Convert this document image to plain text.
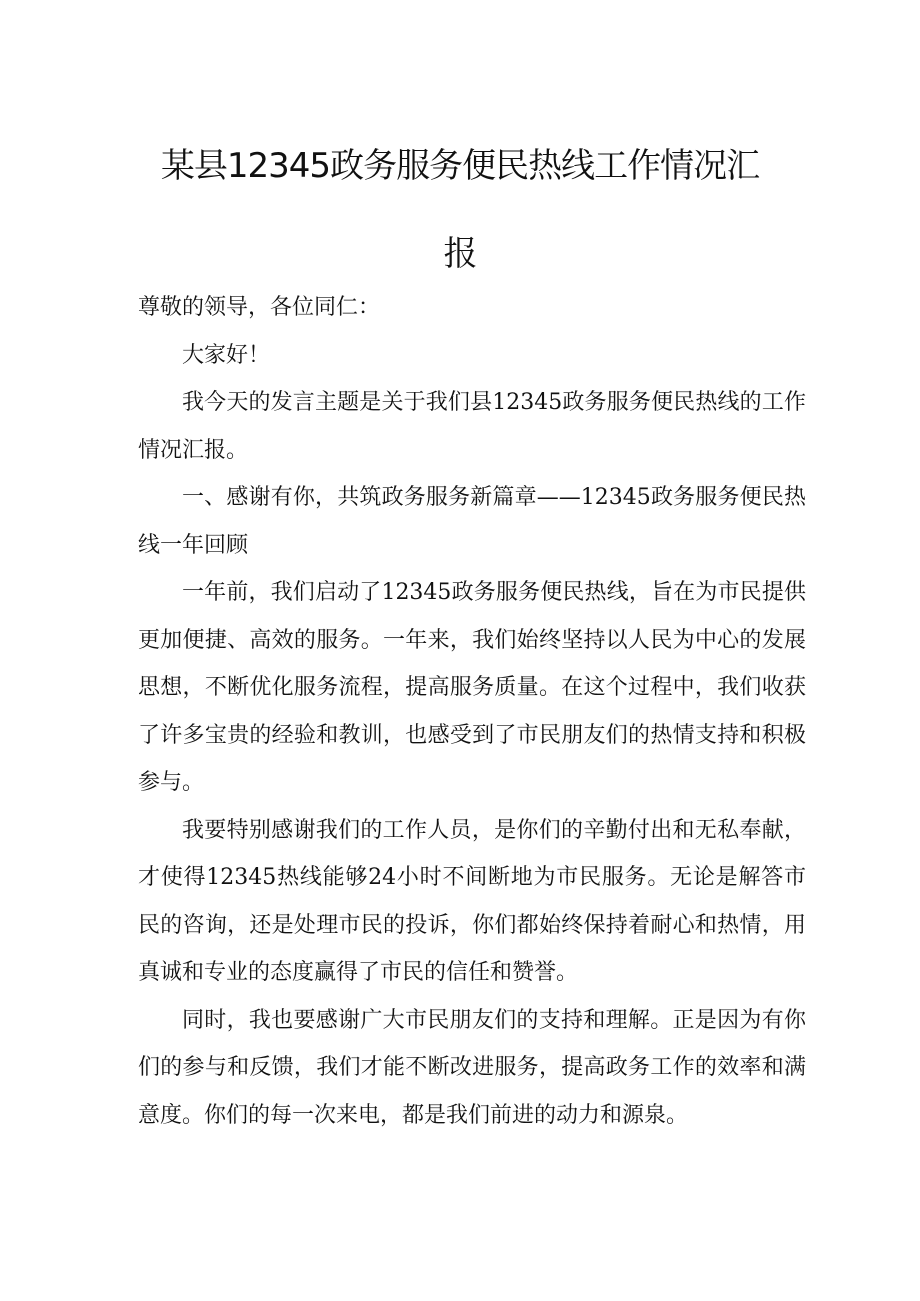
某县12345政务服务便民热线工作情况汇
报

尊敬的领导，各位同仁：

大家好！

我今天的发言主题是关于我们县12345政务服务便民热线的工作情况汇报。

一、感谢有你，共筑政务服务新篇章——12345政务服务便民热线一年回顾

一年前，我们启动了12345政务服务便民热线，旨在为市民提供更加便捷、高效的服务。一年来，我们始终坚持以人民为中心的发展思想，不断优化服务流程，提高服务质量。在这个过程中，我们收获了许多宝贵的经验和教训，也感受到了市民朋友们的热情支持和积极参与。

我要特别感谢我们的工作人员，是你们的辛勤付出和无私奉献，才使得12345热线能够24小时不间断地为市民服务。无论是解答市民的咨询，还是处理市民的投诉，你们都始终保持着耐心和热情，用真诚和专业的态度赢得了市民的信任和赞誉。

同时，我也要感谢广大市民朋友们的支持和理解。正是因为有你们的参与和反馈，我们才能不断改进服务，提高政务工作的效率和满意度。你们的每一次来电，都是我们前进的动力和源泉。
